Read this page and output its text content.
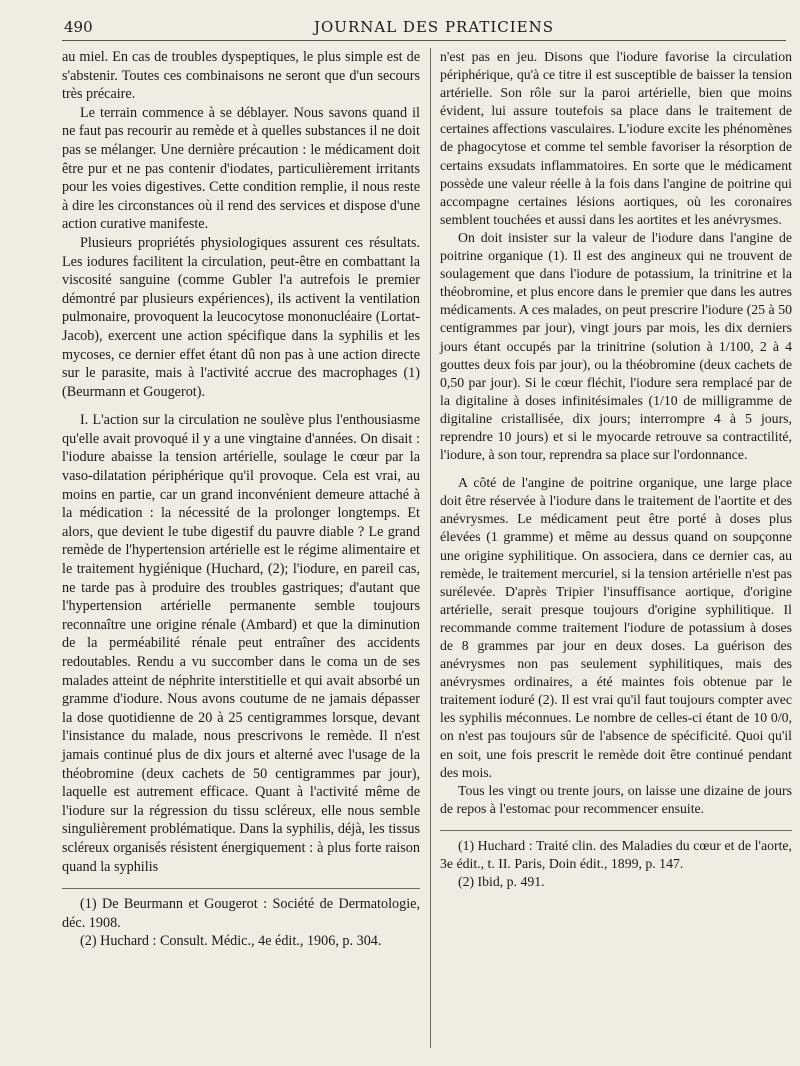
490	JOURNAL DES PRATICIENS

au miel. En cas de troubles dyspeptiques, le plus simple est de s'abstenir. Toutes ces combinaisons ne seront que d'un secours très précaire.

Le terrain commence à se déblayer. Nous savons quand il ne faut pas recourir au remède et à quelles substances il ne doit pas se mélanger. Une dernière précaution : le médicament doit être pur et ne pas contenir d'iodates, particulièrement irritants pour les voies digestives. Cette condition remplie, il nous reste à dire les circonstances où il rend des services et dispose d'une action curative manifeste.

Plusieurs propriétés physiologiques assurent ces résultats. Les iodures facilitent la circulation, peut-être en combattant la viscosité sanguine (comme Gubler l'a autrefois le premier démontré par plusieurs expériences), ils activent la ventilation pulmonaire, provoquent la leucocytose mononucléaire (Lortat-Jacob), exercent une action spécifique dans la syphilis et les mycoses, ce dernier effet étant dû non pas à une action directe sur le parasite, mais à l'activité accrue des macrophages (1) (Beurmann et Gougerot).

I. L'action sur la circulation ne soulève plus l'enthousiasme qu'elle avait provoqué il y a une vingtaine d'années. On disait : l'iodure abaisse la tension artérielle, soulage le cœur par la vaso-dilatation périphérique qu'il provoque. Cela est vrai, au moins en partie, car un grand inconvénient demeure attaché à la médication : la nécessité de la prolonger longtemps. Et alors, que devient le tube digestif du pauvre diable ? Le grand remède de l'hypertension artérielle est le régime alimentaire et le traitement hygiénique (Huchard, (2); l'iodure, en pareil cas, ne tarde pas à produire des troubles gastriques; d'autant que l'hypertension artérielle permanente semble toujours reconnaître une origine rénale (Ambard) et que la diminution de la perméabilité rénale peut entraîner des accidents redoutables. Rendu a vu succomber dans le coma un de ses malades atteint de néphrite interstitielle et qui avait absorbé un gramme d'iodure. Nous avons coutume de ne jamais dépasser la dose quotidienne de 20 à 25 centigrammes lorsque, devant l'insistance du malade, nous prescrivons le remède. Il n'est jamais continué plus de dix jours et alterné avec l'usage de la théobromine (deux cachets de 50 centigrammes par jour), laquelle est autrement efficace. Quant à l'activité même de l'iodure sur la régression du tissu scléreux, elle nous semble singulièrement problématique. Dans la syphilis, déjà, les tissus scléreux organisés résistent énergiquement : à plus forte raison quand la syphilis

(1) De Beurmann et Gougerot : Société de Dermatologie, déc. 1908.

(2) Huchard : Consult. Médic., 4e édit., 1906, p. 304.

n'est pas en jeu. Disons que l'iodure favorise la circulation périphérique, qu'à ce titre il est susceptible de baisser la tension artérielle. Son rôle sur la paroi artérielle, bien que moins évident, lui assure toutefois sa place dans le traitement de certaines affections vasculaires. L'iodure excite les phénomènes de phagocytose et comme tel semble favoriser la résorption de certains exsudats inflammatoires. En sorte que le médicament possède une valeur réelle à la fois dans l'angine de poitrine qui accompagne certaines lésions aortiques, où les coronaires semblent touchées et aussi dans les aortites et les anévrysmes.

On doit insister sur la valeur de l'iodure dans l'angine de poitrine organique (1). Il est des angineux qui ne trouvent de soulagement que dans l'iodure de potassium, la trinitrine et la théobromine, et plus encore dans le premier que dans les autres médicaments. A ces malades, on peut prescrire l'iodure (25 à 50 centigrammes par jour), vingt jours par mois, les dix derniers jours étant occupés par la trinitrine (solution à 1/100, 2 à 4 gouttes deux fois par jour), ou la théobromine (deux cachets de 0,50 par jour). Si le cœur fléchit, l'iodure sera remplacé par de la digitaline à doses infinitésimales (1/10 de milligramme de digitaline cristallisée, dix jours; interrompre 4 à 5 jours, reprendre 10 jours) et si le myocarde retrouve sa contractilité, l'iodure, à son tour, reprendra sa place sur l'ordonnance.

A côté de l'angine de poitrine organique, une large place doit être réservée à l'iodure dans le traitement de l'aortite et des anévrysmes. Le médicament peut être porté à doses plus élevées (1 gramme) et même au dessus quand on soupçonne une origine syphilitique. On associera, dans ce dernier cas, au remède, le traitement mercuriel, si la tension artérielle n'est pas surélevée. D'après Tripier l'insuffisance aortique, d'origine artérielle, serait presque toujours d'origine syphilitique. Il recommande comme traitement l'iodure de potassium à doses de 8 grammes par jour en deux doses. La guérison des anévrysmes non pas seulement syphilitiques, mais des anévrysmes ordinaires, a été maintes fois obtenue par le traitement ioduré (2). Il est vrai qu'il faut toujours compter avec les syphilis méconnues. Le nombre de celles-ci étant de 10 0/0, on n'est pas toujours sûr de l'absence de spécificité. Quoi qu'il en soit, une fois prescrit le remède doit être continué pendant des mois.

Tous les vingt ou trente jours, on laisse une dizaine de jours de repos à l'estomac pour recommencer ensuite.

(1) Huchard : Traité clin. des Maladies du cœur et de l'aorte, 3e édit., t. II. Paris, Doin édit., 1899, p. 147.

(2) Ibid, p. 491.
